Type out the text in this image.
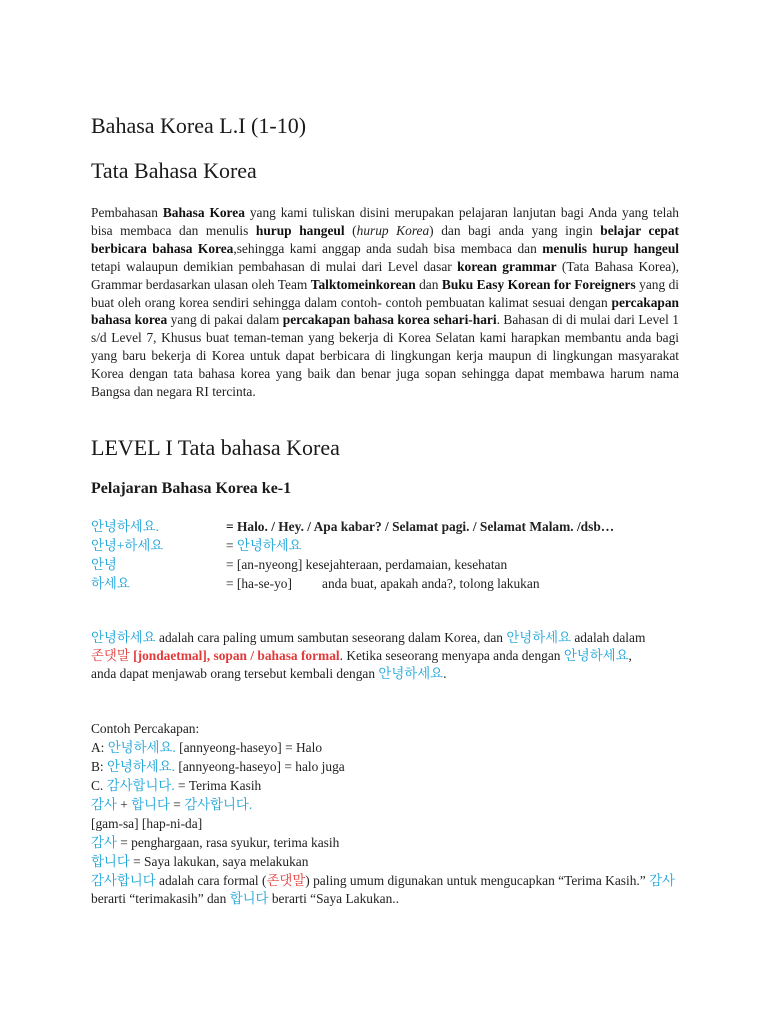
Bahasa Korea L.I (1-10)
Tata Bahasa Korea

Pembahasan Bahasa Korea yang kami tuliskan disini merupakan pelajaran lanjutan bagi Anda yang telah bisa membaca dan menulis hurup hangeul (hurup Korea) dan bagi anda yang ingin belajar cepat berbicara bahasa Korea,sehingga kami anggap anda sudah bisa membaca dan menulis hurup hangeul tetapi walaupun demikian pembahasan di mulai dari Level dasar korean grammar (Tata Bahasa Korea), Grammar berdasarkan ulasan oleh Team Talktomeinkorean dan Buku Easy Korean for Foreigners yang di buat oleh orang korea sendiri sehingga dalam contoh- contoh pembuatan kalimat sesuai dengan percakapan bahasa korea yang di pakai dalam percakapan bahasa korea sehari-hari. Bahasan di di mulai dari Level 1 s/d Level 7, Khusus buat teman-teman yang bekerja di Korea Selatan kami harapkan membantu anda bagi yang baru bekerja di Korea untuk dapat berbicara di lingkungan kerja maupun di lingkungan masyarakat Korea dengan tata bahasa korea yang baik dan benar juga sopan sehingga dapat membawa harum nama Bangsa dan negara RI tercinta.

LEVEL I Tata bahasa Korea
Pelajaran Bahasa Korea ke-1
안녕하세요.	= Halo. / Hey. / Apa kabar? / Selamat pagi. / Selamat Malam. /dsb…
안녕+하세요	= 안녕하세요
안녕	= [an-nyeong] kesejahteraan, perdamaian, kesehatan
하세요	= [ha-se-yo] anda buat, apakah anda?, tolong lakukan

안녕하세요 adalah cara paling umum sambutan seseorang dalam Korea, dan 안녕하세요 adalah dalam 존댓말 [jondaetmal], sopan / bahasa formal. Ketika seseorang menyapa anda dengan 안녕하세요, anda dapat menjawab orang tersebut kembali dengan 안녕하세요.

Contoh Percakapan:
A: 안녕하세요. [annyeong-haseyo] = Halo
B: 안녕하세요. [annyeong-haseyo] = halo juga
C. 감사합니다. = Terima Kasih
감사 + 합니다 = 감사합니다.
[gam-sa] [hap-ni-da]
감사 = penghargaan, rasa syukur, terima kasih
합니다 = Saya lakukan, saya melakukan

감사합니다 adalah cara formal (존댓말) paling umum digunakan untuk mengucapkan “Terima Kasih.” 감사 berarti “terimakasih” dan 합니다 berarti “Saya Lakukan..
